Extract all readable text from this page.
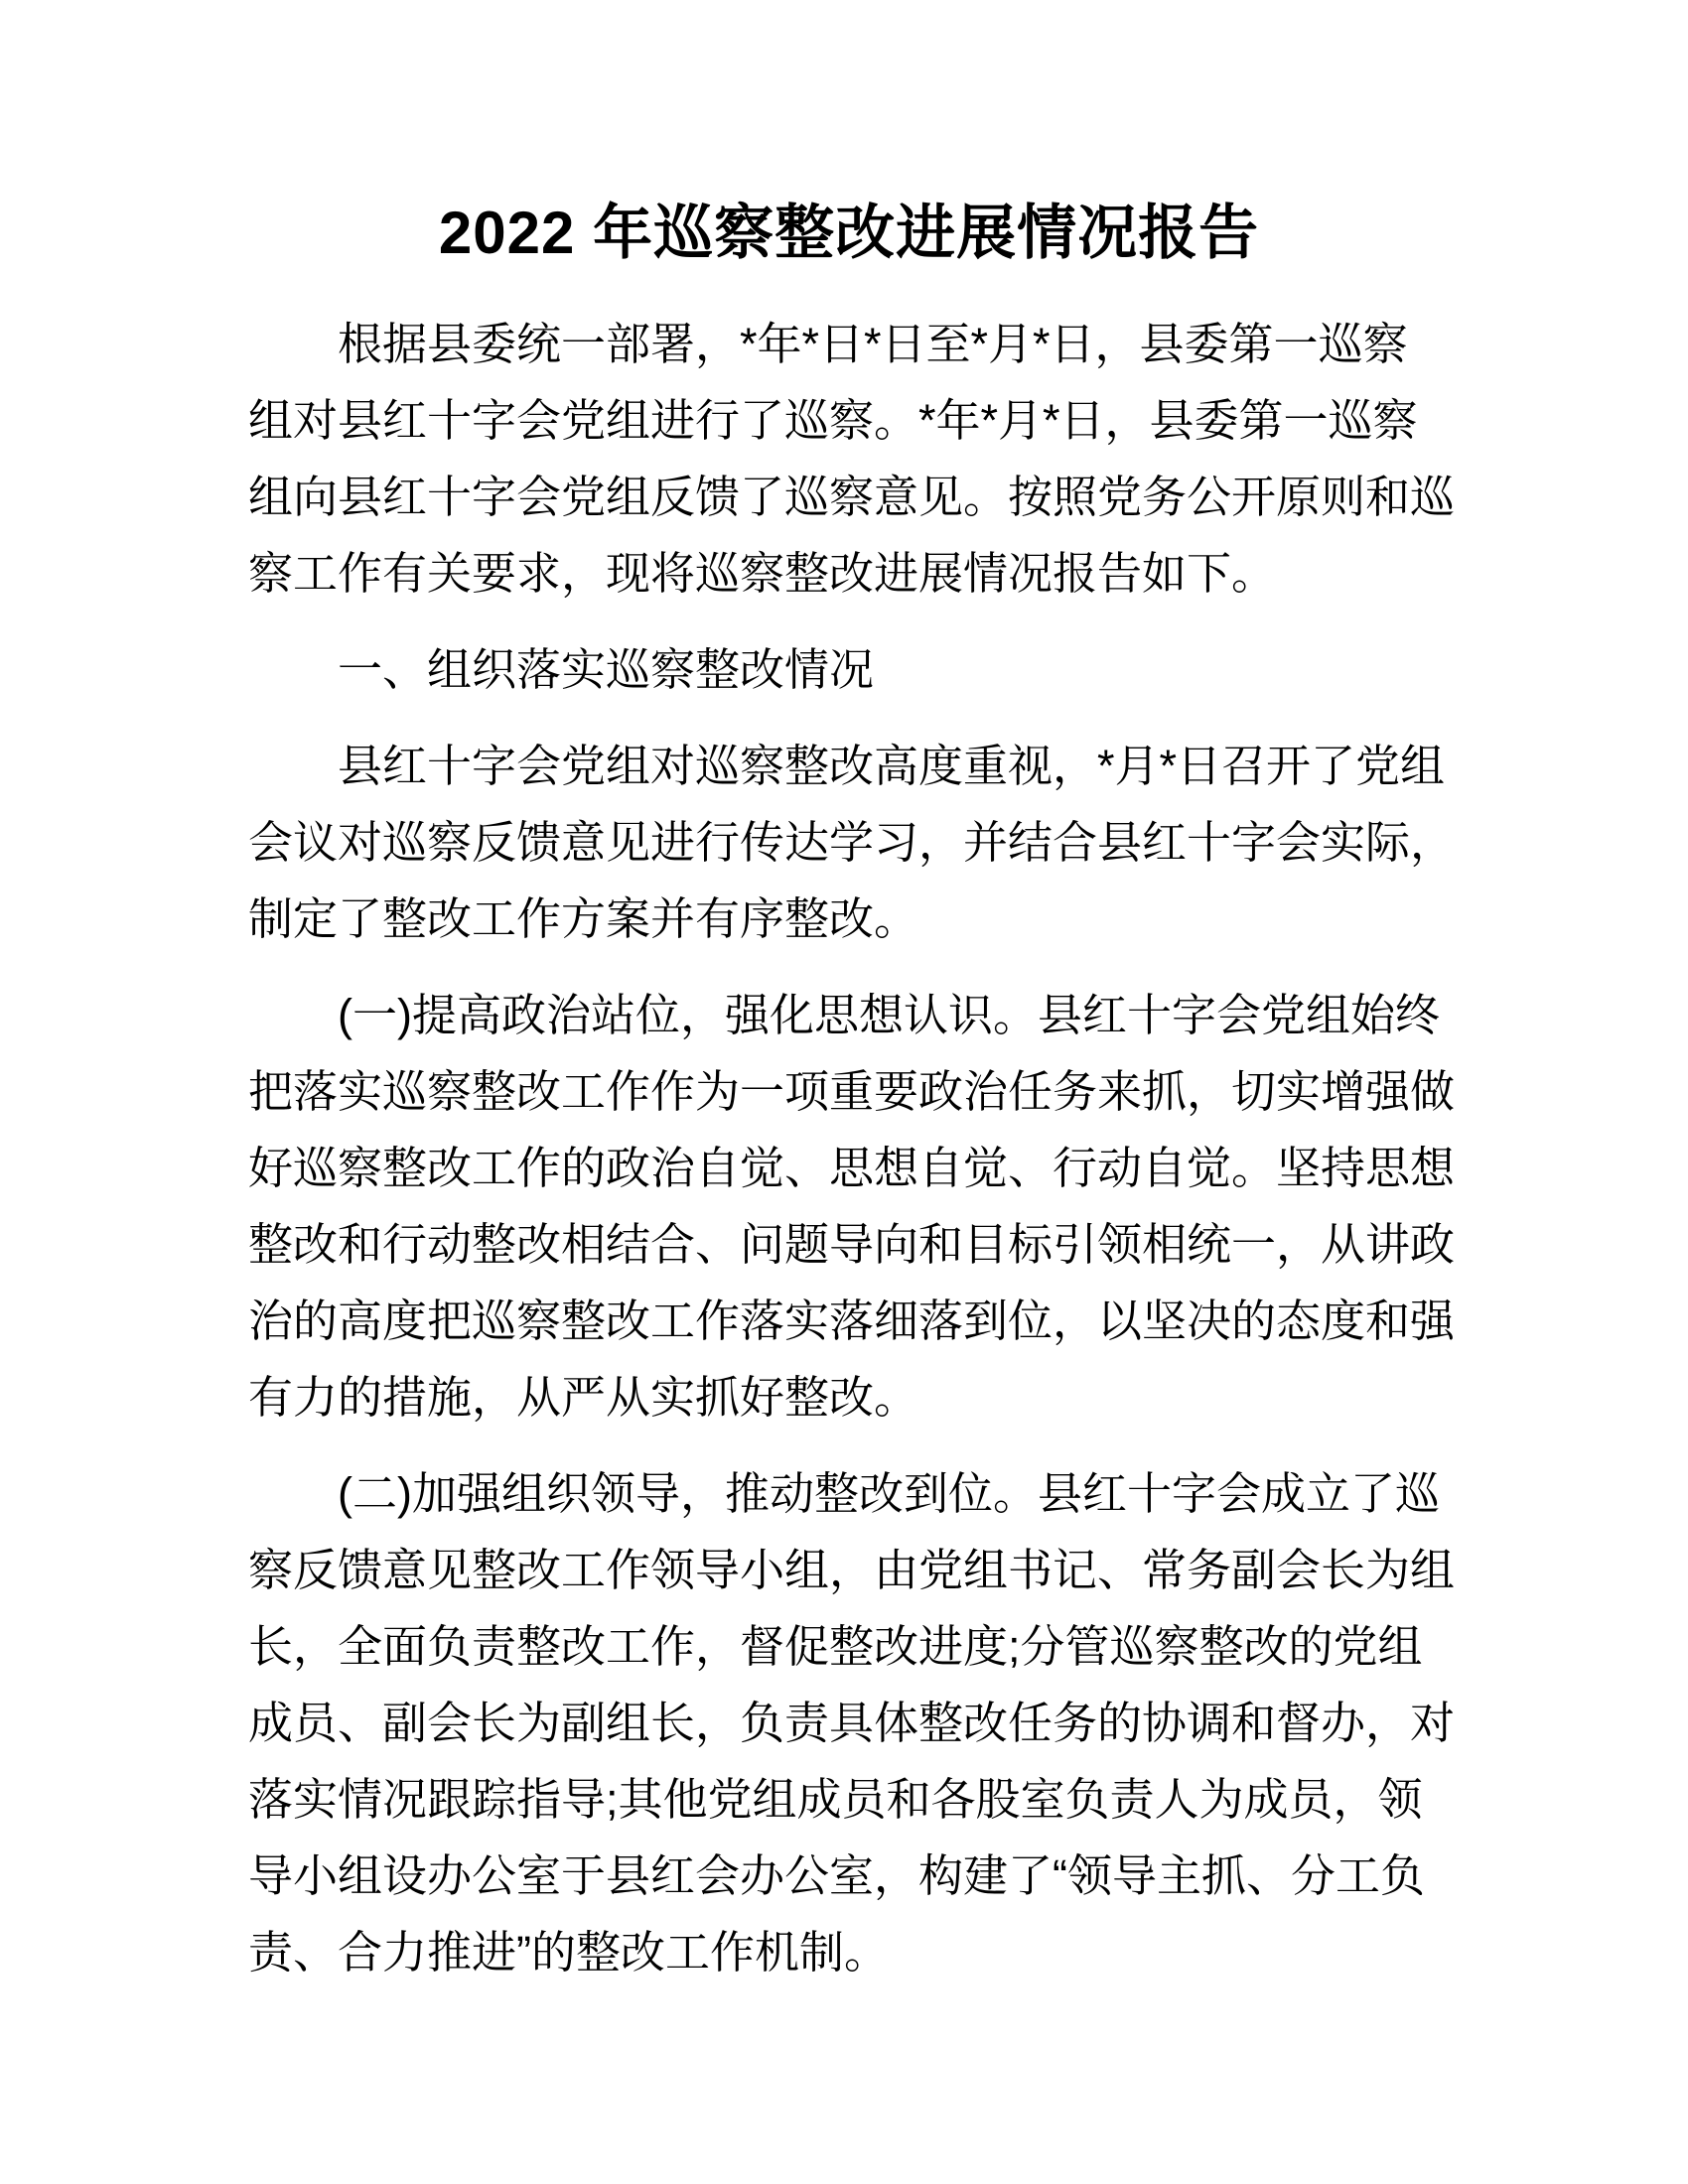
2022 年巡察整改进展情况报告
根据县委统一部署，*年*日*日至*月*日，县委第一巡察
组对县红十字会党组进行了巡察。*年*月*日，县委第一巡察
组向县红十字会党组反馈了巡察意见。按照党务公开原则和巡
察工作有关要求，现将巡察整改进展情况报告如下。
一、组织落实巡察整改情况
县红十字会党组对巡察整改高度重视，*月*日召开了党组
会议对巡察反馈意见进行传达学习，并结合县红十字会实际，
制定了整改工作方案并有序整改。
(一)提高政治站位，强化思想认识。县红十字会党组始终
把落实巡察整改工作作为一项重要政治任务来抓，切实增强做
好巡察整改工作的政治自觉、思想自觉、行动自觉。坚持思想
整改和行动整改相结合、问题导向和目标引领相统一，从讲政
治的高度把巡察整改工作落实落细落到位，以坚决的态度和强
有力的措施，从严从实抓好整改。
(二)加强组织领导，推动整改到位。县红十字会成立了巡
察反馈意见整改工作领导小组，由党组书记、常务副会长为组
长，全面负责整改工作，督促整改进度;分管巡察整改的党组
成员、副会长为副组长，负责具体整改任务的协调和督办，对
落实情况跟踪指导;其他党组成员和各股室负责人为成员，领
导小组设办公室于县红会办公室，构建了“领导主抓、分工负
责、合力推进”的整改工作机制。
